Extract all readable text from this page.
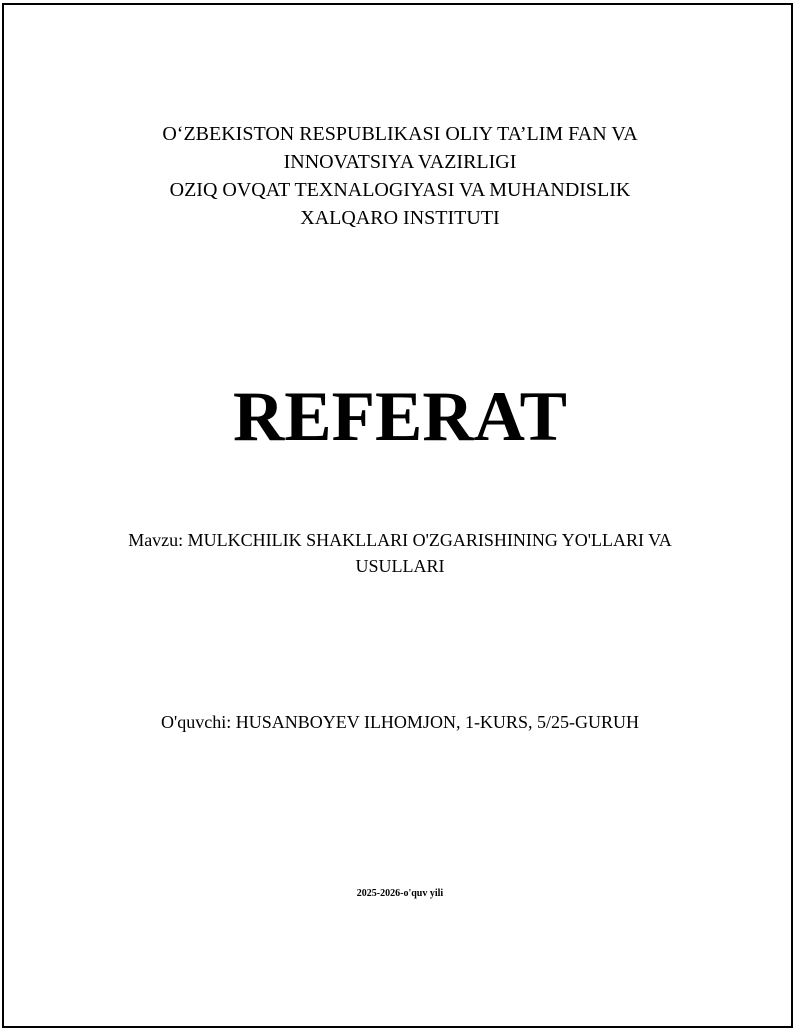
O‘ZBEKISTON RESPUBLIKASI OLIY TA’LIM FAN VA
INNOVATSIYA VAZIRLIGI
OZIQ OVQAT TEXNALOGIYASI VA MUHANDISLIK
XALQARO INSTITUTI
REFERAT
Mavzu: MULKCHILIK SHAKLLARI O'ZGARISHINING YO'LLARI VA USULLARI
O'quvchi: HUSANBOYEV ILHOMJON, 1-KURS, 5/25-GURUH
2025-2026-o'quv yili
